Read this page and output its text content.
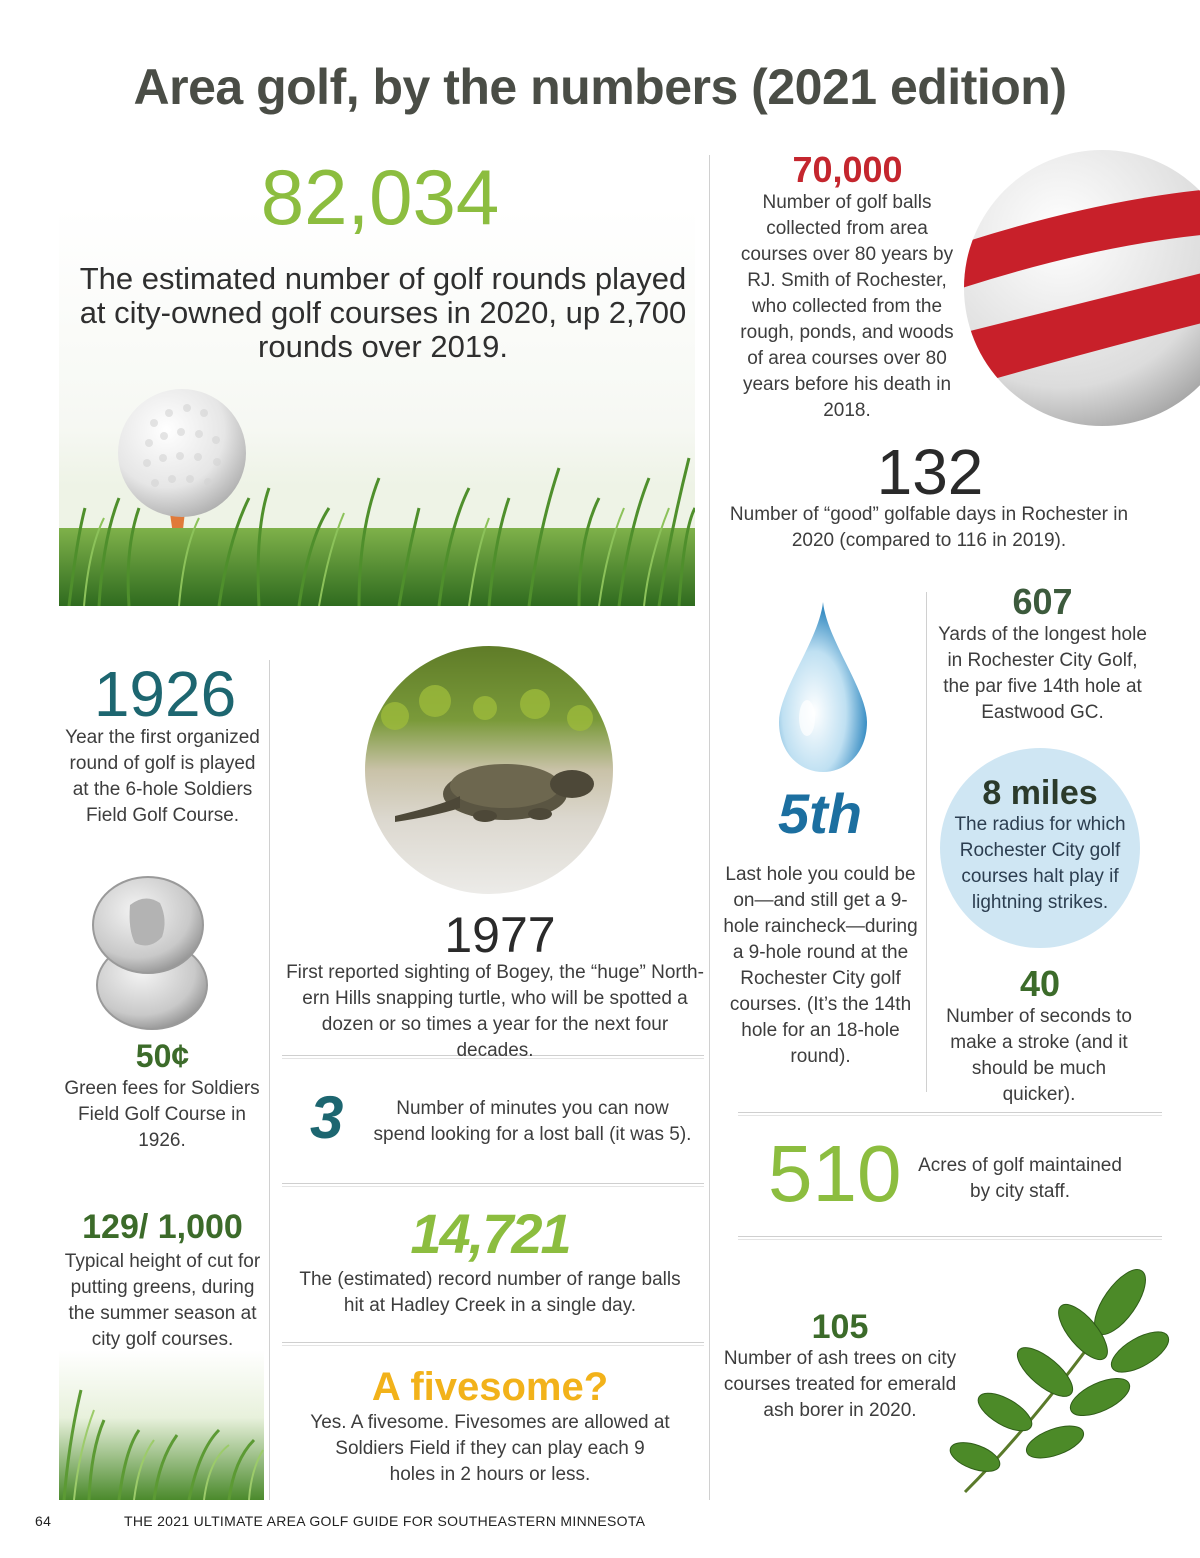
Area golf, by the numbers (2021 edition)
82,034
The estimated number of golf rounds played at city-owned golf courses in 2020, up 2,700 rounds over 2019.
70,000
Number of golf balls collected from area courses over 80 years by RJ. Smith of Rochester, who collected from the rough, ponds, and woods of area courses over 80 years before his death in 2018.
132
Number of “good” golfable days in Rochester in 2020 (compared to 116 in 2019).
607
Yards of the longest hole in Rochester City Golf, the par five 14th hole at Eastwood GC.
1926
Year the first organized round of golf is played at the 6-hole Soldiers Field Golf Course.
1977
First reported sighting of Bogey, the “huge” Northern Hills snapping turtle, who will be spotted a dozen or so times a year for the next four decades.
5th
Last hole you could be on—and still get a 9-hole raincheck—during a 9-hole round at the Rochester City golf courses. (It’s the 14th hole for an 18-hole round).
8 miles
The radius for which Rochester City golf courses halt play if lightning strikes.
50¢
Green fees for Soldiers Field Golf Course in 1926.	3	Number of minutes you can now spend looking for a lost ball (it was 5).
40
Number of seconds to make a stroke (and it should be much quicker).
510 Acres of golf maintained by city staff.
129/ 1,000
Typical height of cut for putting greens, during the summer season at city golf courses.
14,721
The (estimated) record number of range balls hit at Hadley Creek in a single day.
105
Number of ash trees on city courses treated for emerald ash borer in 2020.
A fivesome?
Yes. A fivesome. Fivesomes are allowed at Soldiers Field if they can play each 9 holes in 2 hours or less.
64	THE 2021 ULTIMATE AREA GOLF GUIDE FOR SOUTHEASTERN MINNESOTA
